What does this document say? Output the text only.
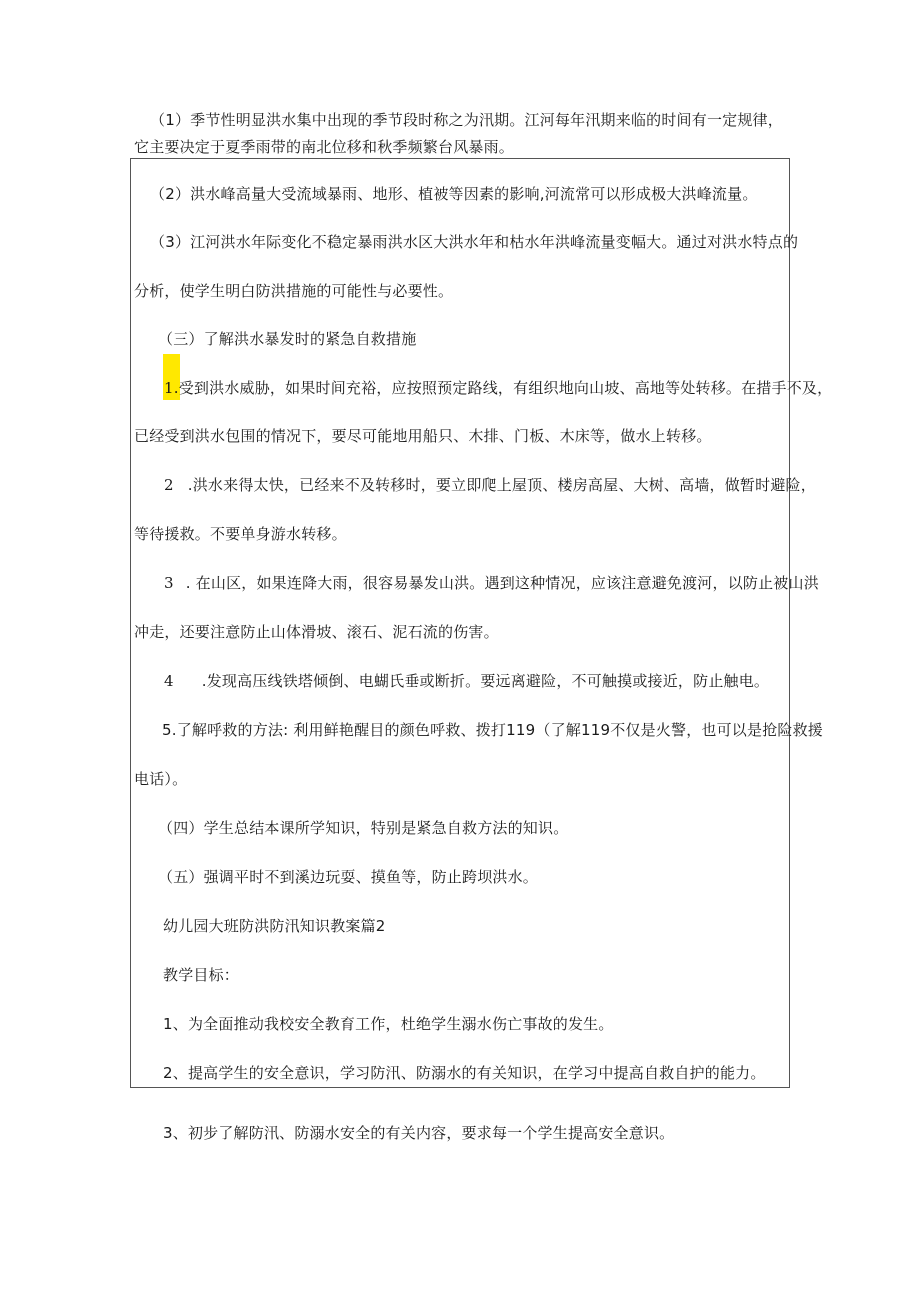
（1）季节性明显洪水集中出现的季节段时称之为汛期。江河每年汛期来临的时间有一定规律，
它主要决定于夏季雨带的南北位移和秋季频繁台风暴雨。
（2）洪水峰高量大受流域暴雨、地形、植被等因素的影响,河流常可以形成极大洪峰流量。
（3）江河洪水年际变化不稳定暴雨洪水区大洪水年和枯水年洪峰流量变幅大。通过对洪水特点的
分析，使学生明白防洪措施的可能性与必要性。
（三）了解洪水暴发时的紧急自救措施
1.受到洪水威胁，如果时间充裕，应按照预定路线，有组织地向山坡、高地等处转移。在措手不及，
已经受到洪水包围的情况下，要尽可能地用船只、木排、门板、木床等，做水上转移。
2 .洪水来得太快，已经来不及转移时，要立即爬上屋顶、楼房高屋、大树、高墙，做暂时避险，
等待援救。不要单身游水转移。
3 . 在山区，如果连降大雨，很容易暴发山洪。遇到这种情况，应该注意避免渡河，以防止被山洪
冲走，还要注意防止山体滑坡、滚石、泥石流的伤害。
4 .发现高压线铁塔倾倒、电蝴氏垂或断折。要远离避险，不可触摸或接近，防止触电。
5.了解呼救的方法: 利用鲜艳醒目的颜色呼救、拨打119（了解119不仅是火警，也可以是抢险救援
电话）。
（四）学生总结本课所学知识，特别是紧急自救方法的知识。
（五）强调平时不到溪边玩耍、摸鱼等，防止跨坝洪水。
幼儿园大班防洪防汛知识教案篇2
教学目标：
1、为全面推动我校安全教育工作，杜绝学生溺水伤亡事故的发生。
2、提高学生的安全意识，学习防汛、防溺水的有关知识，在学习中提高自救自护的能力。
3、初步了解防汛、防溺水安全的有关内容，要求每一个学生提高安全意识。
